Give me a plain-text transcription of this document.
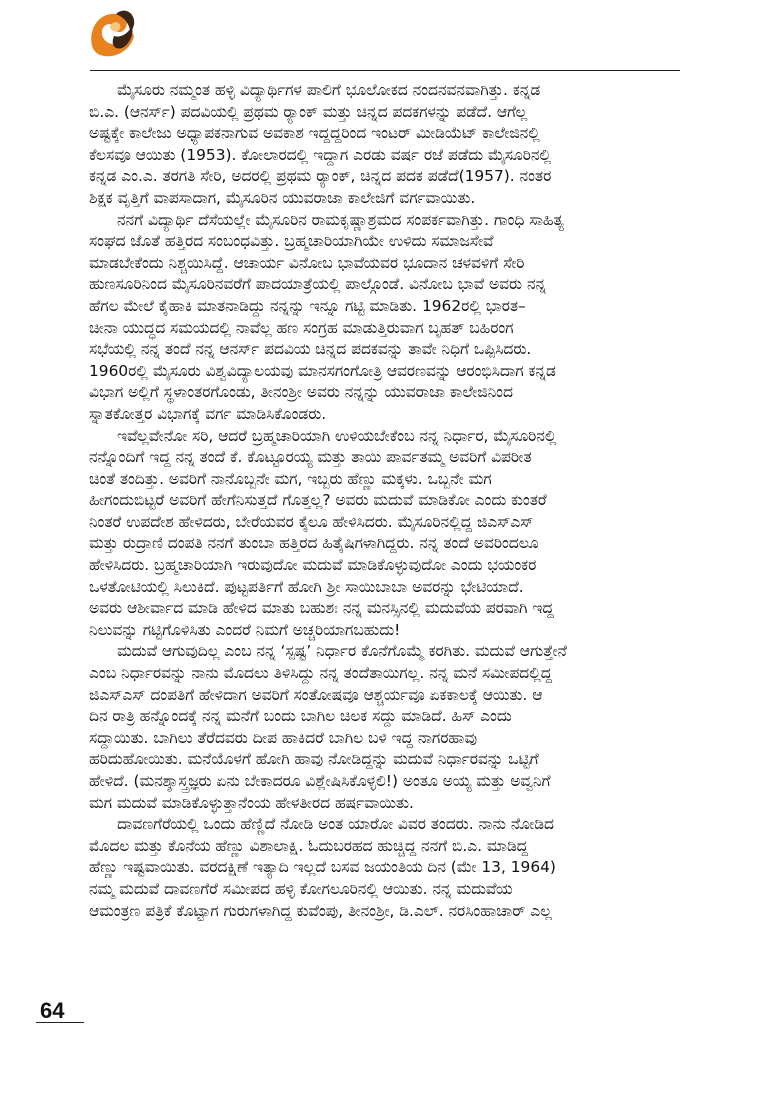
ಮೈಸೂರು ನಮ್ಮಂತ ಹಳ್ಳಿ ವಿದ್ಯಾರ್ಥಿಗಳ ಪಾಲಿಗೆ ಭೂಲೋಕದ ನಂದನವನವಾಗಿತ್ತು. ಕನ್ನಡ
ಬಿ.ಎ. (ಆನರ್ಸ್) ಪದವಿಯಲ್ಲಿ ಪ್ರಥಮ ರ‍್ಯಾಂಕ್ ಮತ್ತು ಚಿನ್ನದ ಪದಕಗಳನ್ನು ಪಡೆದೆ. ಆಗೆಲ್ಲ
ಅಷ್ಟಕ್ಕೇ ಕಾಲೇಜು ಅಧ್ಯಾಪಕನಾಗುವ ಅವಕಾಶ ಇದ್ದದ್ದರಿಂದ ಇಂಟರ್ ಮೀಡಿಯೆಟ್ ಕಾಲೇಜಿನಲ್ಲಿ
ಕೆಲಸವೂ ಆಯಿತು (1953). ಕೋಲಾರದಲ್ಲಿ ಇದ್ದಾಗ ಎರಡು ವರ್ಷ ರಜೆ ಪಡೆದು ಮೈಸೂರಿನಲ್ಲಿ
ಕನ್ನಡ ಎಂ.ಎ. ತರಗತಿ ಸೇರಿ, ಅದರಲ್ಲಿ ಪ್ರಥಮ ರ‍್ಯಾಂಕ್, ಚಿನ್ನದ ಪದಕ ಪಡೆದೆ(1957). ನಂತರ
ಶಿಕ್ಷಕ ವೃತ್ತಿಗೆ ವಾಪಸಾದಾಗ, ಮೈಸೂರಿನ ಯುವರಾಜಾ ಕಾಲೇಜಿಗೆ ವರ್ಗವಾಯಿತು.

ನನಗೆ ವಿದ್ಯಾರ್ಥಿ ದೆಸೆಯಲ್ಲೇ ಮೈಸೂರಿನ ರಾಮಕೃಷ್ಣಾಶ್ರಮದ ಸಂಪರ್ಕವಾಗಿತ್ತು. ಗಾಂಧಿ ಸಾಹಿತ್ಯ
ಸಂಘದ ಜೊತೆ ಹತ್ತಿರದ ಸಂಬಂಧವಿತ್ತು. ಬ್ರಹ್ಮಚಾರಿಯಾಗಿಯೇ ಉಳಿದು ಸಮಾಜಸೇವೆ
ಮಾಡಬೇಕೆಂದು ನಿಶ್ಚಯಿಸಿದ್ದೆ. ಆಚಾರ್ಯ ವಿನೋಬ ಭಾವೆಯವರ ಭೂದಾನ ಚಳವಳಿಗೆ ಸೇರಿ
ಹುಣಸೂರಿನಿಂದ ಮೈಸೂರಿನವರೆಗೆ ಪಾದಯಾತ್ರೆಯಲ್ಲಿ ಪಾಲ್ಗೊಂಡೆ. ವಿನೋಬ ಭಾವೆ ಅವರು ನನ್ನ
ಹೆಗಲ ಮೇಲೆ ಕೈಹಾಕಿ ಮಾತನಾಡಿದ್ದು ನನ್ನನ್ನು ಇನ್ನೂ ಗಟ್ಟಿ ಮಾಡಿತು. 1962ರಲ್ಲಿ ಭಾರತ–
ಚೀನಾ ಯುದ್ಧದ ಸಮಯದಲ್ಲಿ ನಾವೆಲ್ಲ ಹಣ ಸಂಗ್ರಹ ಮಾಡುತ್ತಿರುವಾಗ ಬೃಹತ್ ಬಹಿರಂಗ
ಸಭೆಯಲ್ಲಿ ನನ್ನ ತಂದೆ ನನ್ನ ಆನರ್ಸ್ ಪದವಿಯ ಚಿನ್ನದ ಪದಕವನ್ನು ತಾವೇ ನಿಧಿಗೆ ಒಪ್ಪಿಸಿದರು.
1960ರಲ್ಲಿ ಮೈಸೂರು ವಿಶ್ವವಿದ್ಯಾಲಯವು ಮಾನಸಗಂಗೋತ್ರಿ ಆವರಣವನ್ನು ಆರಂಭಿಸಿದಾಗ ಕನ್ನಡ
ವಿಭಾಗ ಅಲ್ಲಿಗೆ ಸ್ಥಳಾಂತರಗೊಂಡು, ತೀನಂಶ್ರೀ ಅವರು ನನ್ನನ್ನು ಯುವರಾಜಾ ಕಾಲೇಜಿನಿಂದ
ಸ್ನಾತಕೋತ್ತರ ವಿಭಾಗಕ್ಕೆ ವರ್ಗ ಮಾಡಿಸಿಕೊಂಡರು.

ಇವೆಲ್ಲವೇನೋ ಸರಿ, ಆದರೆ ಬ್ರಹ್ಮಚಾರಿಯಾಗಿ ಉಳಿಯಬೇಕೆಂಬ ನನ್ನ ನಿರ್ಧಾರ, ಮೈಸೂರಿನಲ್ಲಿ
ನನ್ನೊಂದಿಗೆ ಇದ್ದ ನನ್ನ ತಂದೆ ಕೆ. ಕೊಟ್ಟೂರಯ್ಯ ಮತ್ತು ತಾಯಿ ಪಾರ್ವತಮ್ಮ ಅವರಿಗೆ ವಿಪರೀತ
ಚಿಂತೆ ತಂದಿತ್ತು. ಅವರಿಗೆ ನಾನೊಬ್ಬನೇ ಮಗ, ಇಬ್ಬರು ಹೆಣ್ಣು ಮಕ್ಕಳು. ಒಬ್ಬನೇ ಮಗ
ಹೀಗಂದುಬಿಟ್ಟರೆ ಅವರಿಗೆ ಹೇಗೆನಿಸುತ್ತದೆ ಗೊತ್ತಲ್ಲ? ಅವರು ಮದುವೆ ಮಾಡಿಕೋ ಎಂದು ಕುಂತರೆ
ನಿಂತರೆ ಉಪದೇಶ ಹೇಳಿದರು, ಬೇರೆಯವರ ಕೈಲೂ ಹೇಳಿಸಿದರು. ಮೈಸೂರಿನಲ್ಲಿದ್ದ ಜಿಎಸ್‌ಎಸ್
ಮತ್ತು ರುದ್ರಾಣಿ ದಂಪತಿ ನನಗೆ ತುಂಬಾ ಹತ್ತಿರದ ಹಿತೈಷಿಗಳಾಗಿದ್ದರು. ನನ್ನ ತಂದೆ ಅವರಿಂದಲೂ
ಹೇಳಿಸಿದರು. ಬ್ರಹ್ಮಚಾರಿಯಾಗಿ ಇರುವುದೋ ಮದುವೆ ಮಾಡಿಕೊಳ್ಳುವುದೋ ಎಂದು ಭಯಂಕರ
ಒಳತೋಟಿಯಲ್ಲಿ ಸಿಲುಕಿದೆ. ಪುಟ್ಟಪರ್ತಿಗೆ ಹೋಗಿ ಶ್ರೀ ಸಾಯಿಬಾಬಾ ಅವರನ್ನು ಭೇಟಿಯಾದೆ.
ಅವರು ಆಶೀರ್ವಾದ ಮಾಡಿ ಹೇಳಿದ ಮಾತು ಬಹುಶಃ ನನ್ನ ಮನಸ್ಸಿನಲ್ಲಿ ಮದುವೆಯ ಪರವಾಗಿ ಇದ್ದ
ನಿಲುವನ್ನು ಗಟ್ಟಿಗೊಳಿಸಿತು ಎಂದರೆ ನಿಮಗೆ ಅಚ್ಚರಿಯಾಗಬಹುದು!

ಮದುವೆ ಆಗುವುದಿಲ್ಲ ಎಂಬ ನನ್ನ ‘ಸ್ಪಷ್ಟ’ ನಿರ್ಧಾರ ಕೊನೆಗೊಮ್ಮೆ ಕರಗಿತು. ಮದುವೆ ಆಗುತ್ತೇನೆ
ಎಂಬ ನಿರ್ಧಾರವನ್ನು ನಾನು ಮೊದಲು ತಿಳಿಸಿದ್ದು ನನ್ನ ತಂದೆತಾಯಿಗಲ್ಲ. ನನ್ನ ಮನೆ ಸಮೀಪದಲ್ಲಿದ್ದ
ಜಿಎಸ್‌ಎಸ್ ದಂಪತಿಗೆ ಹೇಳಿದಾಗ ಅವರಿಗೆ ಸಂತೋಷವೂ ಆಶ್ಚರ್ಯವೂ ಏಕಕಾಲಕ್ಕೆ ಆಯಿತು. ಆ
ದಿನ ರಾತ್ರಿ ಹನ್ನೊಂದಕ್ಕೆ ನನ್ನ ಮನೆಗೆ ಬಂದು ಬಾಗಿಲ ಚಿಲಕ ಸದ್ದು ಮಾಡಿದೆ. ಹಿಸ್ ಎಂದು
ಸದ್ದಾಯಿತು. ಬಾಗಿಲು ತೆರೆದವರು ದೀಪ ಹಾಕಿದರೆ ಬಾಗಿಲ ಬಳಿ ಇದ್ದ ನಾಗರಹಾವು
ಹರಿದುಹೋಯಿತು. ಮನೆಯೊಳಗೆ ಹೋಗಿ ಹಾವು ನೋಡಿದ್ದನ್ನು ಮದುವೆ ನಿರ್ಧಾರವನ್ನು ಒಟ್ಟಿಗೆ
ಹೇಳಿದೆ. (ಮನಶ್ಶಾಸ್ತ್ರಜ್ಞರು ಏನು ಬೇಕಾದರೂ ವಿಶ್ಲೇಷಿಸಿಕೊಳ್ಳಲಿ!) ಅಂತೂ ಅಯ್ಯ ಮತ್ತು ಅವ್ವನಿಗೆ
ಮಗ ಮದುವೆ ಮಾಡಿಕೊಳ್ಳುತ್ತಾನೆಂಯ ಹೇಳತೀರದ ಹರ್ಷವಾಯಿತು.

ದಾವಣಗೆರೆಯಲ್ಲಿ ಒಂದು ಹೆಣ್ಣಿದೆ ನೋಡಿ ಅಂತ ಯಾರೋ ವಿವರ ತಂದರು. ನಾನು ನೋಡಿದ
ಮೊದಲ ಮತ್ತು ಕೊನೆಯ ಹೆಣ್ಣು ವಿಶಾಲಾಕ್ಷಿ. ಓದುಬರಹದ ಹುಚ್ಚಿದ್ದ ನನಗೆ ಬಿ.ಎ. ಮಾಡಿದ್ದ
ಹೆಣ್ಣು ಇಷ್ಟವಾಯಿತು. ವರದಕ್ಷಿಣೆ ಇತ್ಯಾದಿ ಇಲ್ಲದೆ ಬಸವ ಜಯಂತಿಯ ದಿನ (ಮೇ 13, 1964)
ನಮ್ಮ ಮದುವೆ ದಾವಣಗೆರೆ ಸಮೀಪದ ಹಳ್ಳಿ ಕೋಗಲೂರಿನಲ್ಲಿ ಆಯಿತು. ನನ್ನ ಮದುವೆಯ
ಆಮಂತ್ರಣ ಪತ್ರಿಕೆ ಕೊಟ್ಟಾಗ ಗುರುಗಳಾಗಿದ್ದ ಕುವೆಂಪು, ತೀನಂಶ್ರೀ, ಡಿ.ಎಲ್. ನರಸಿಂಹಾಚಾರ್ ಎಲ್ಲ

64
